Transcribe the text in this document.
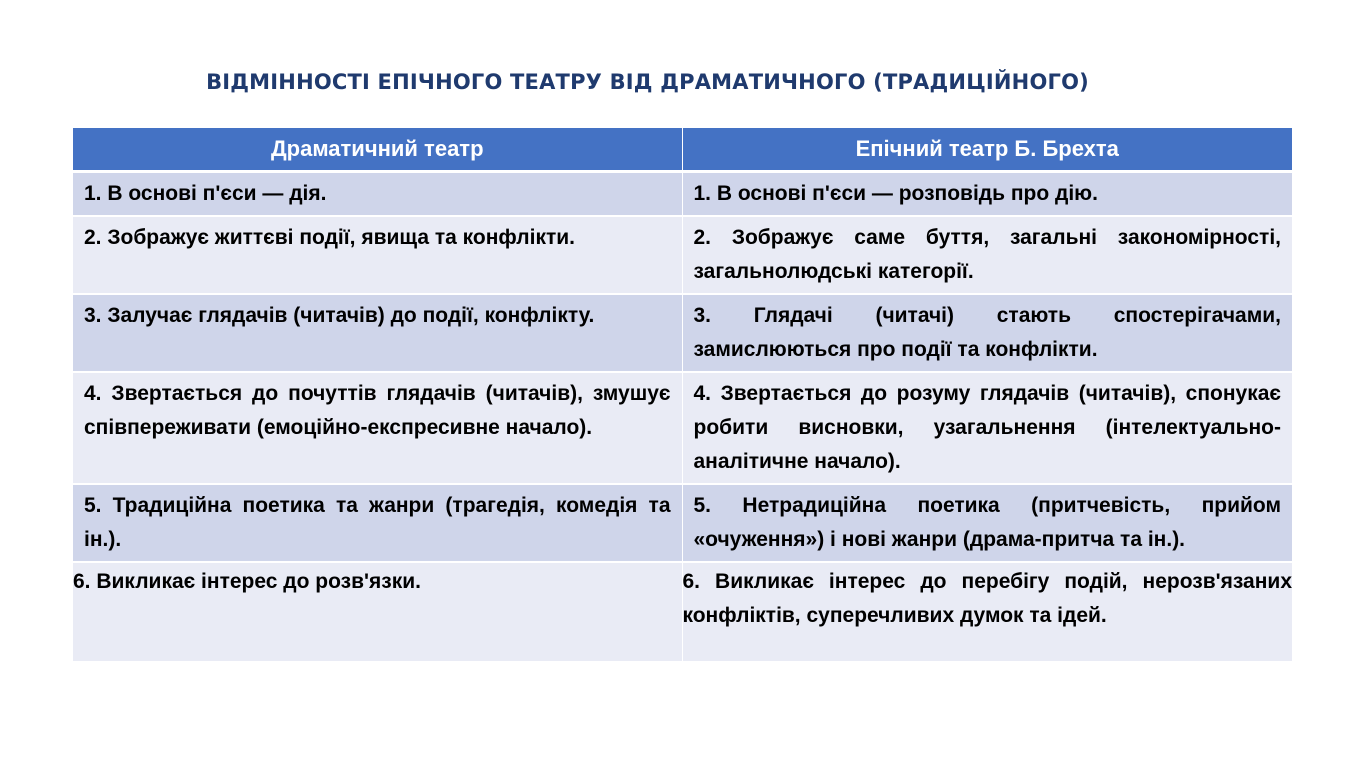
ВІДМІННОСТІ ЕПІЧНОГО ТЕАТРУ ВІД ДРАМАТИЧНОГО (ТРАДИЦІЙНОГО)
Драматичний театр	Епічний театр Б. Брехта
1. В основі п'єси — дія.	1. В основі п'єси — розповідь про дію.
2. Зображує життєві події, явища та конфлікти.	2. Зображує саме буття, загальні закономірності, загальнолюдські категорії.
3. Залучає глядачів (читачів) до події, конфлікту.	3. Глядачі (читачі) стають спостерігачами, замислюються про події та конфлікти.
4. Звертається до почуттів глядачів (читачів), змушує співпереживати (емоційно-експресивне начало).	4. Звертається до розуму глядачів (читачів), спонукає робити висновки, узагальнення (інтелектуально-аналітичне начало).
5. Традиційна поетика та жанри (трагедія, комедія та ін.).	5. Нетрадиційна поетика (притчевість, прийом «очуження») і нові жанри (драма-притча та ін.).
6. Викликає інтерес до розв'язки.	6. Викликає інтерес до перебігу подій, нерозв'язаних конфліктів, суперечливих думок та ідей.
